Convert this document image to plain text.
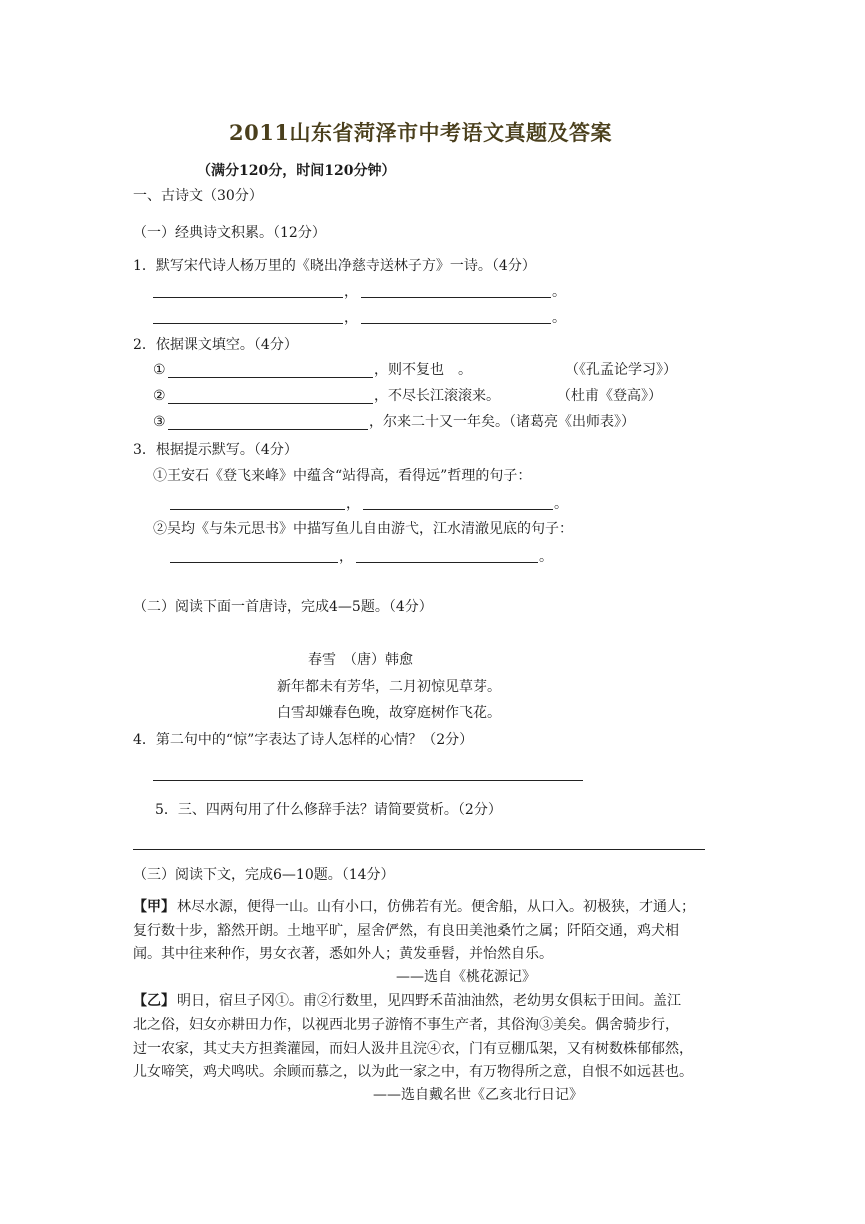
2011山东省菏泽市中考语文真题及答案
（满分120分，时间120分钟）
一、古诗文（30分）
（一）经典诗文积累。（12分）
1．默写宋代诗人杨万里的《晓出净慈寺送林子方》一诗。（4分）
，	。
，	。
2．依据课文填空。（4分）
①	，则不复也　。	（《孔孟论学习》）
②	，不尽长江滚滚来。	（杜甫《登高》）
③	，尔来二十又一年矣。（诸葛亮《出师表》）
3．根据提示默写。（4分）
①王安石《登飞来峰》中蕴含“站得高，看得远”哲理的句子：
，	。
②吴均《与朱元思书》中描写鱼儿自由游弋，江水清澈见底的句子：
，	。
（二）阅读下面一首唐诗，完成4—5题。（4分）
春雪　（唐）韩愈
新年都未有芳华，二月初惊见草芽。
白雪却嫌春色晚，故穿庭树作飞花。
4．第二句中的“惊”字表达了诗人怎样的心情？（2分）
5．三、四两句用了什么修辞手法？请简要赏析。（2分）
（三）阅读下文，完成6—10题。（14分）
【甲】 林尽水源，便得一山。山有小口，仿佛若有光。便舍船，从口入。初极狭，才通人；
复行数十步，豁然开朗。土地平旷，屋舍俨然，有良田美池桑竹之属；阡陌交通，鸡犬相
闻。其中往来种作，男女衣著，悉如外人；黄发垂髫，并怡然自乐。
——选自《桃花源记》
【乙】 明日，宿旦子冈①。甫②行数里，见四野禾苗油油然，老幼男女俱耘于田间。盖江
北之俗，妇女亦耕田力作，以视西北男子游惰不事生产者，其俗洵③美矣。偶舍骑步行，
过一农家，其丈夫方担粪灌园，而妇人汲井且浣④衣，门有豆棚瓜架，又有树数株郁郁然，
儿女啼笑，鸡犬鸣吠。余顾而慕之，以为此一家之中，有万物得所之意，自恨不如远甚也。
——选自戴名世《乙亥北行日记》
